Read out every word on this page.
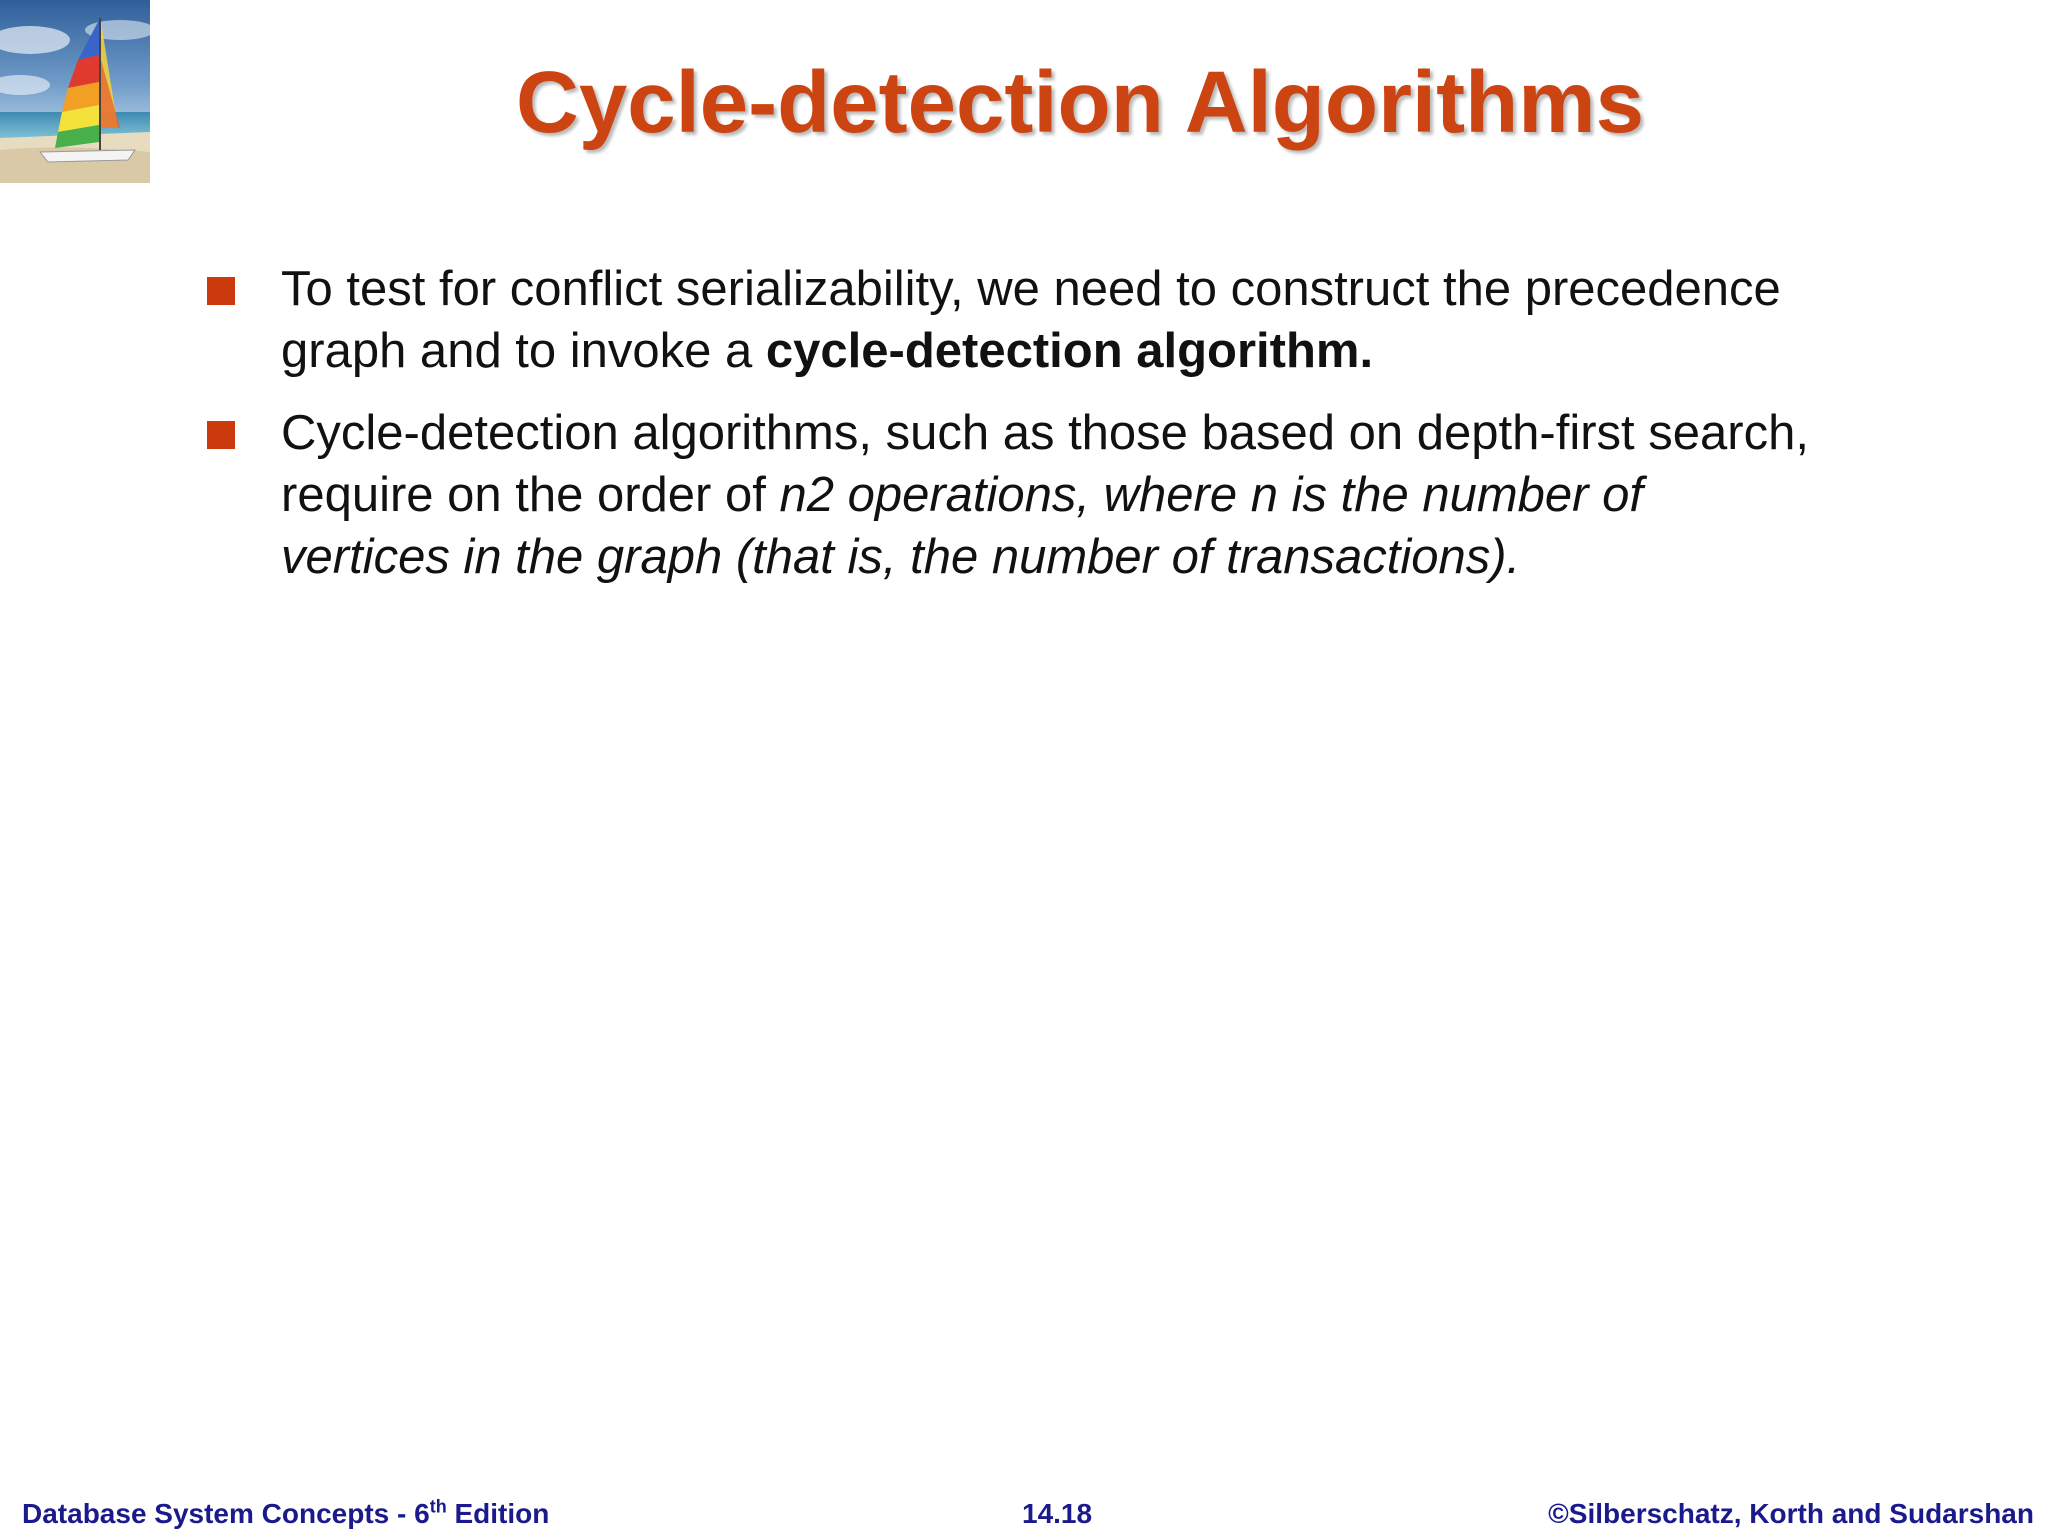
Cycle-detection Algorithms
To test for conflict serializability, we need to construct the precedence
graph and to invoke a cycle-detection algorithm.
Cycle-detection algorithms, such as those based on depth-first search,
require on the order of n2 operations, where n is the number of
vertices in the graph (that is, the number of transactions).
Database System Concepts - 6th Edition	14.18	©Silberschatz, Korth and Sudarshan
